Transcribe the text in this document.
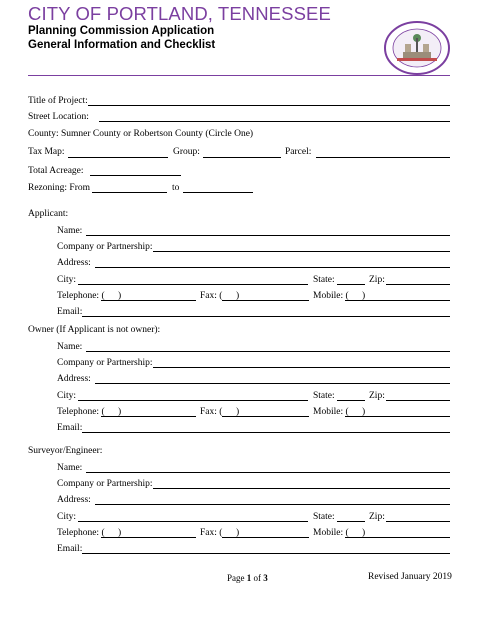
CITY OF PORTLAND, TENNESSEE
Planning Commission Application
General Information and Checklist
Title of Project:
Street Location:
County: Sumner County or Robertson County (Circle One)
Tax Map:	Group:	Parcel:
Total Acreage:
Rezoning: From	to
Applicant:
Name:
Company or Partnership:
Address:
City:	State:	Zip:
Telephone: ( )	Fax: ( )	Mobile: ( )
Email:
Owner (If Applicant is not owner):
Name:
Company or Partnership:
Address:
City:	State:	Zip:
Telephone: ( )	Fax: ( )	Mobile: ( )
Email:
Surveyor/Engineer:
Name:
Company or Partnership:
Address:
City:	State:	Zip:
Telephone: ( )	Fax: ( )	Mobile: ( )
Email:
Page 1 of 3	Revised January 2019
